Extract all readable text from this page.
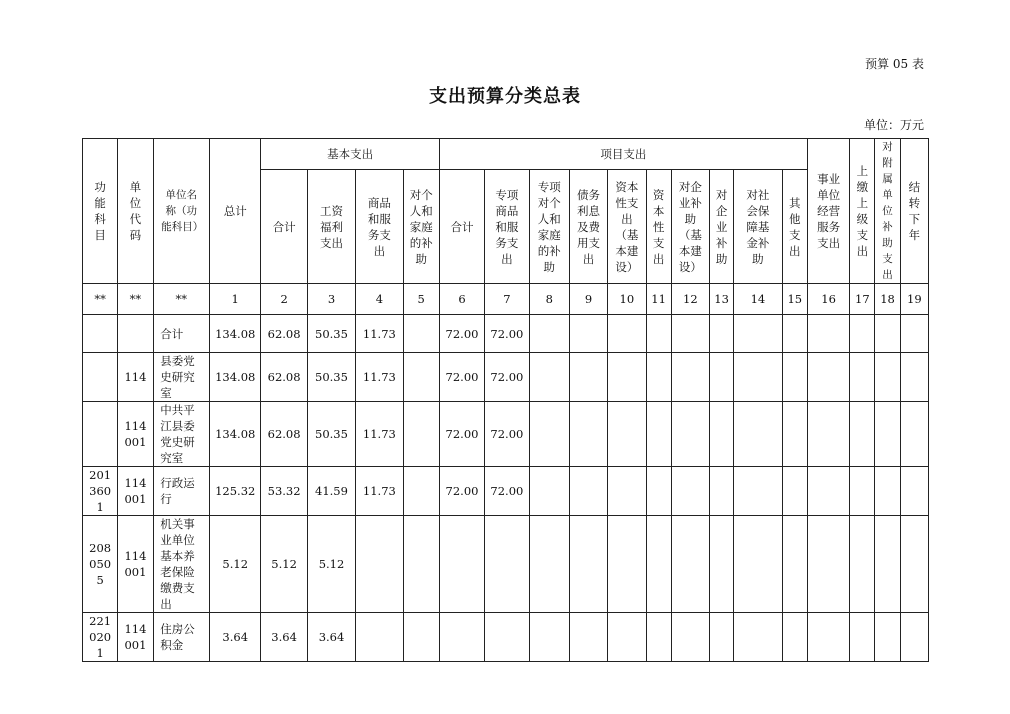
预算 05 表
支出预算分类总表
单位：万元
功能科目	单位代码	单位名称（功能科目）	总计	基本支出				项目支出										事业单位经营服务支出	上缴上级支出	对附属单位补助支出	结转下年
				合计	工资福利支出	商品和服务支出	对个人和家庭的补助	合计	专项商品和服务支出	专项对个人和家庭的补助	债务利息及费用支出	资本性支出（基本建设）	资本性支出	对企业补助（基本建设）	对企业补助	对社会保障基金补助	其他支出				
**	**	**	1	2	3	4	5	6	7	8	9	10	11	12	13	14	15	16	17	18	19
		合计	134.08	62.08	50.35	11.73		72.00	72.00												
	114	县委党史研究室	134.08	62.08	50.35	11.73		72.00	72.00												
	114001	中共平江县委党史研究室	134.08	62.08	50.35	11.73		72.00	72.00												
2013601	114001	行政运行	125.32	53.32	41.59	11.73		72.00	72.00												
2080505	114001	机关事业单位基本养老保险缴费支出	5.12	5.12	5.12																
2210201	114001	住房公积金	3.64	3.64	3.64																
